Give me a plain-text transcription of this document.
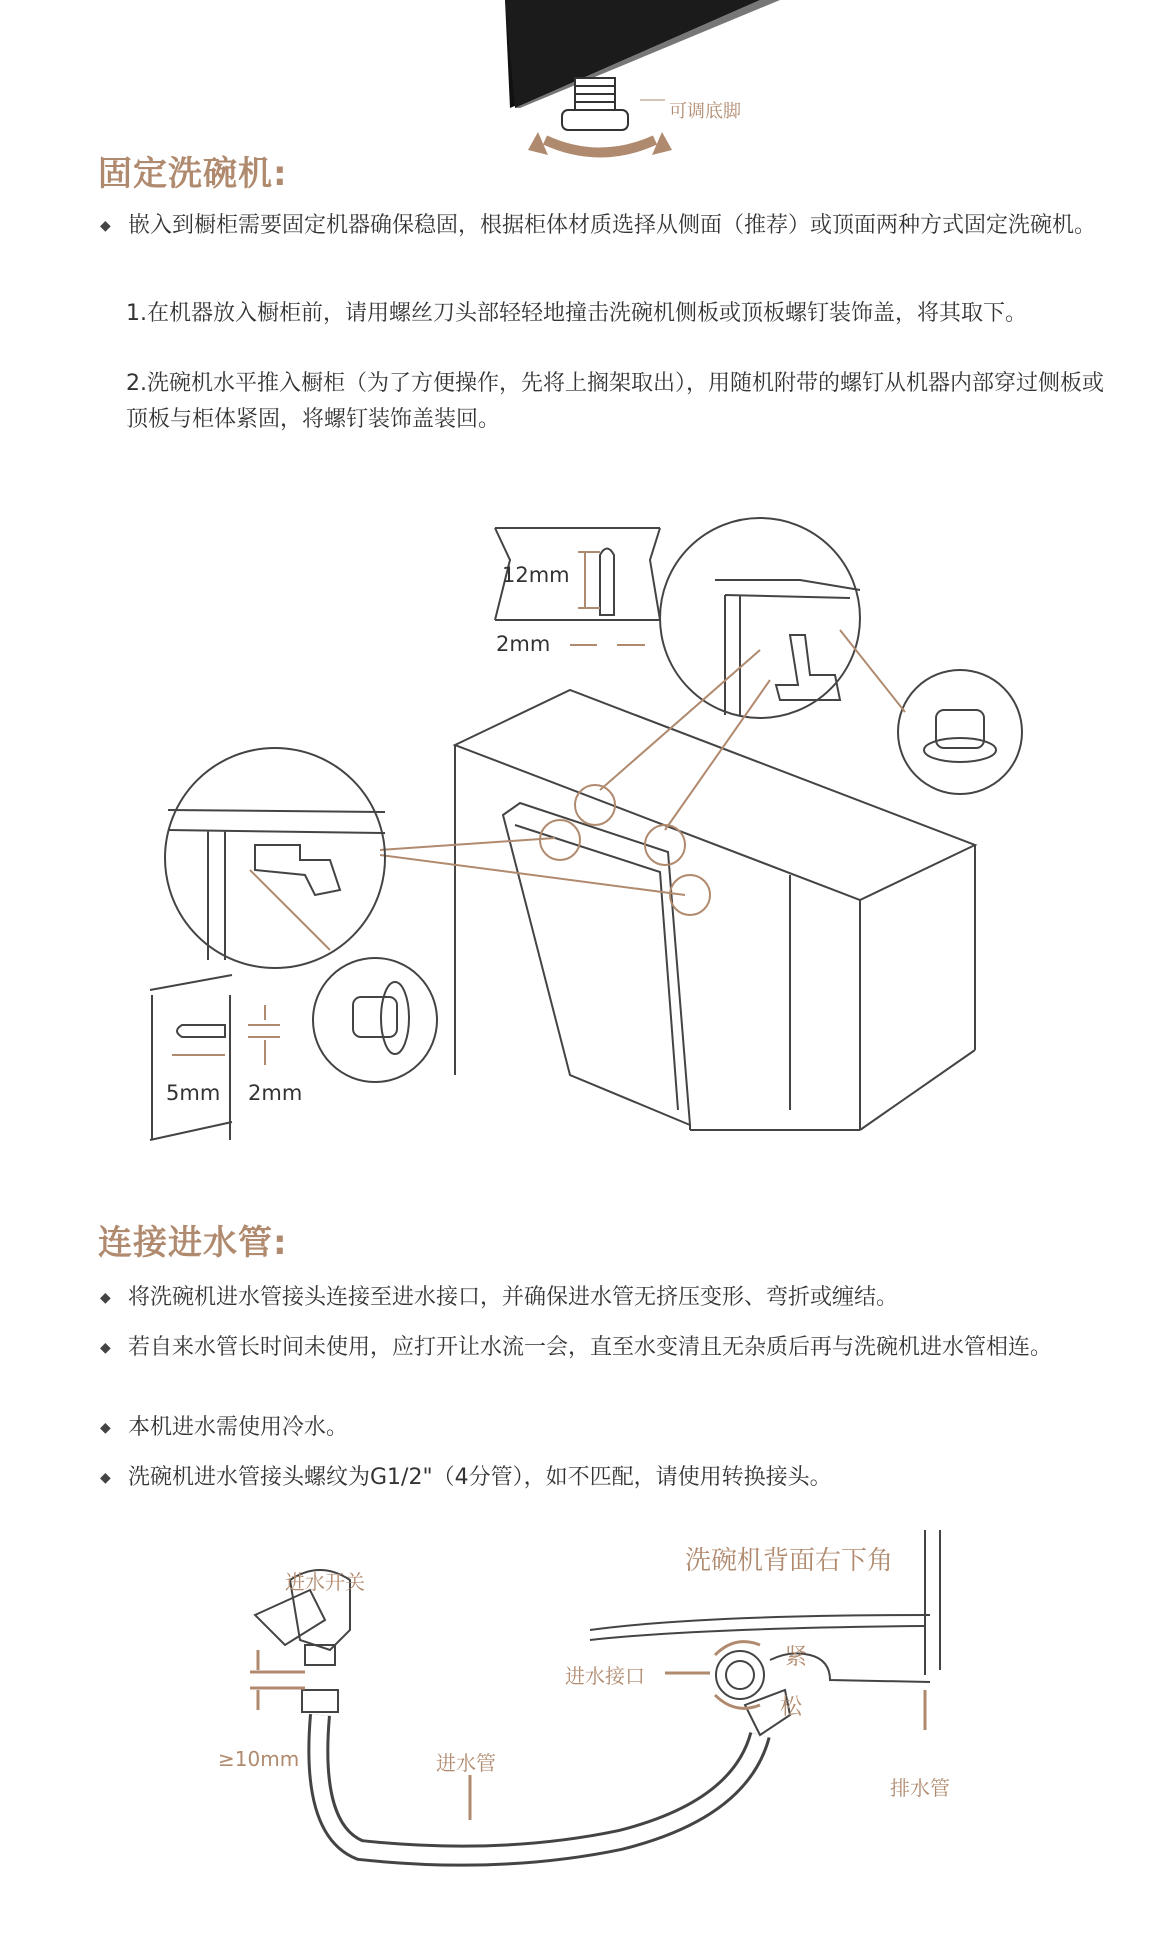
可调底脚
固定洗碗机:
◆ 嵌入到橱柜需要固定机器确保稳固，根据柜体材质选择从侧面（推荐）或顶面两种方式固定洗碗机。
1.在机器放入橱柜前，请用螺丝刀头部轻轻地撞击洗碗机侧板或顶板螺钉装饰盖，将其取下。
2.洗碗机水平推入橱柜（为了方便操作，先将上搁架取出），用随机附带的螺钉从机器内部穿过侧板或顶板与柜体紧固，将螺钉装饰盖装回。
12mm
2mm
5mm 2mm
连接进水管:
◆ 将洗碗机进水管接头连接至进水接口，并确保进水管无挤压变形、弯折或缠结。
◆ 若自来水管长时间未使用，应打开让水流一会，直至水变清且无杂质后再与洗碗机进水管相连。
◆ 本机进水需使用冷水。
◆ 洗碗机进水管接头螺纹为G1/2"（4分管），如不匹配，请使用转换接头。
洗碗机背面右下角
进水开关
进水接口
紧
松
≥10mm	进水管
排水管
